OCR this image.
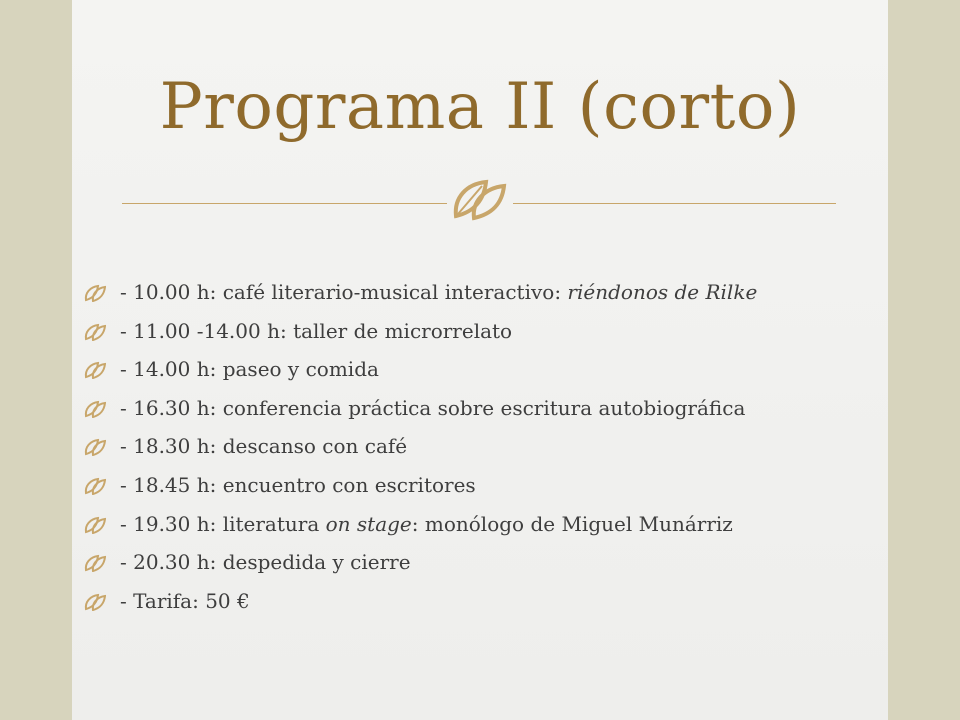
Programa II (corto)
- 10.00 h: café literario-musical interactivo: riéndonos de Rilke
- 11.00 -14.00 h: taller de microrrelato
- 14.00 h: paseo y comida
- 16.30 h: conferencia práctica sobre escritura autobiográfica
- 18.30 h: descanso con café
- 18.45 h: encuentro con escritores
- 19.30 h: literatura on stage: monólogo de Miguel Munárriz
- 20.30 h: despedida y cierre
- Tarifa: 50 €
